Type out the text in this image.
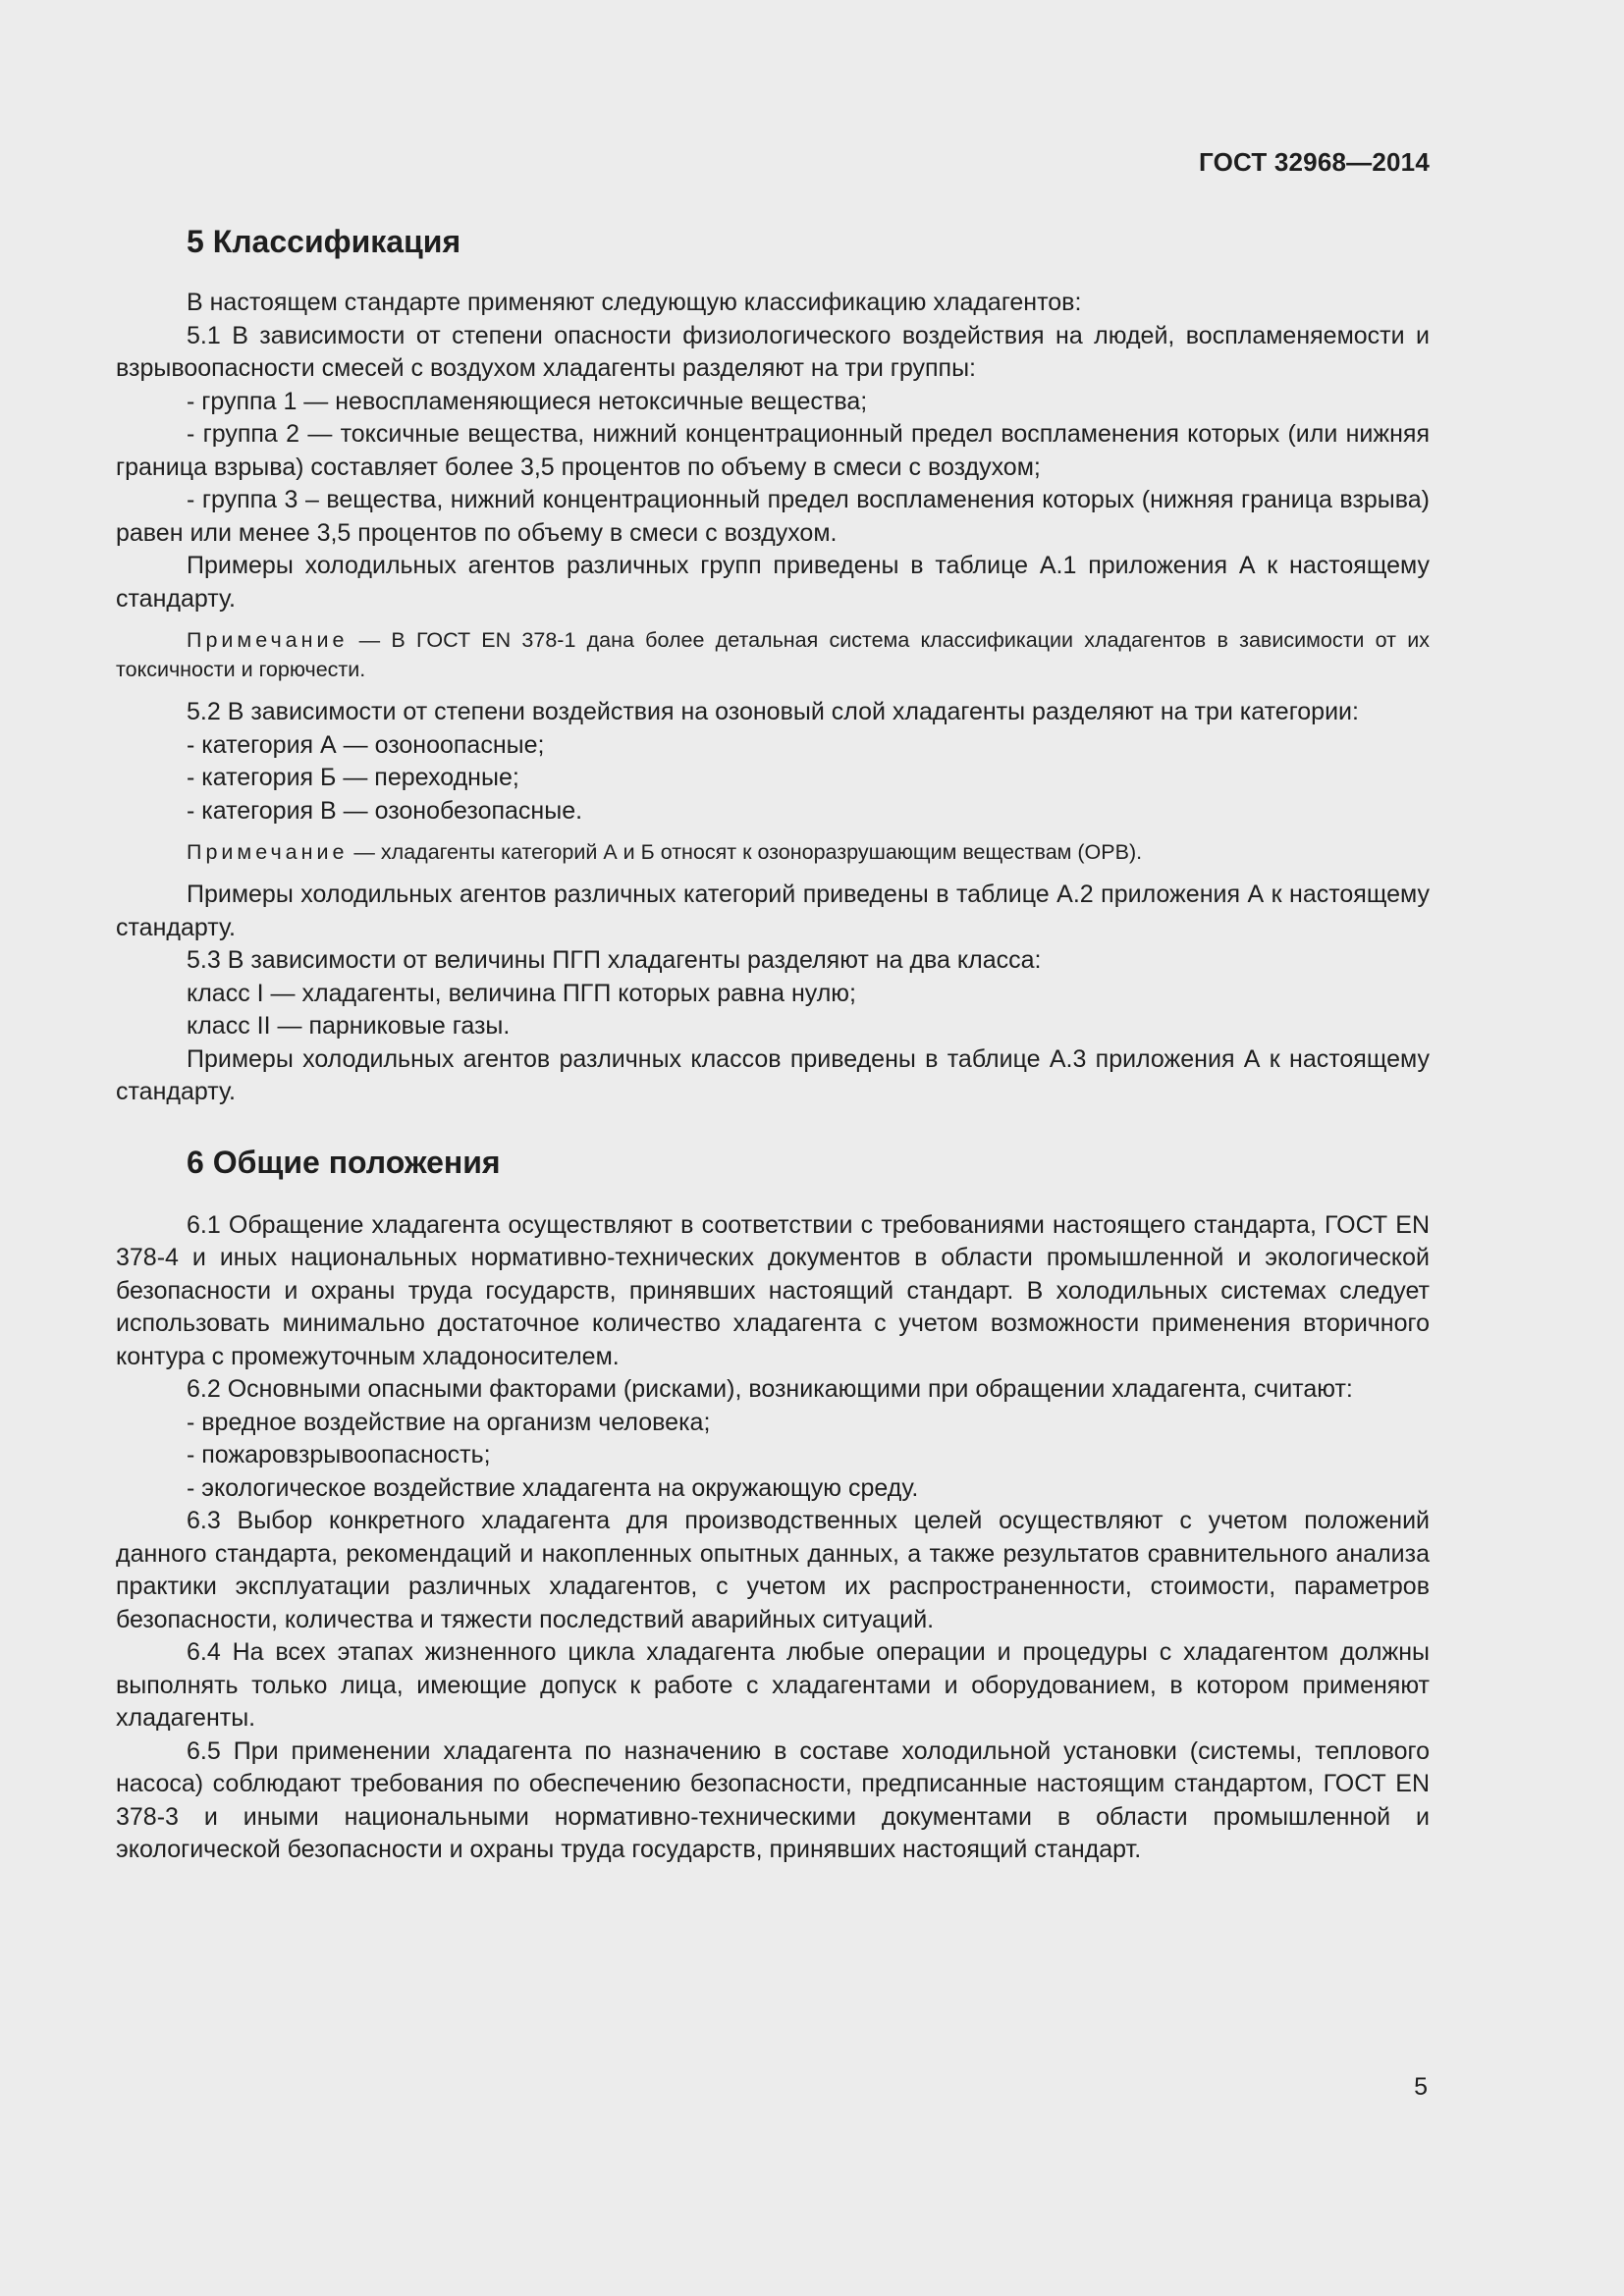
ГОСТ 32968—2014
5 Классификация

В настоящем стандарте применяют следующую классификацию хладагентов:

5.1 В зависимости от степени опасности физиологического воздействия на людей, воспламеняемости и взрывоопасности смесей с воздухом хладагенты разделяют на три группы:

- группа 1 — невоспламеняющиеся нетоксичные вещества;

- группа 2 — токсичные вещества, нижний концентрационный предел воспламенения которых (или нижняя граница взрыва) составляет более 3,5 процентов по объему в смеси с воздухом;

- группа 3 – вещества, нижний концентрационный предел воспламенения которых (нижняя граница взрыва) равен или менее 3,5 процентов по объему в смеси с воздухом.

Примеры холодильных агентов различных групп приведены в таблице А.1 приложения А к настоящему стандарту.

Примечание — В ГОСТ EN 378-1 дана более детальная система классификации хладагентов в зависимости от их токсичности и горючести.

5.2 В зависимости от степени воздействия на озоновый слой хладагенты разделяют на три категории:

- категория А — озоноопасные;

- категория Б — переходные;

- категория В — озонобезопасные.

Примечание — хладагенты категорий А и Б относят к озоноразрушающим веществам (ОРВ).

Примеры холодильных агентов различных категорий приведены в таблице А.2 приложения А к настоящему стандарту.

5.3 В зависимости от величины ПГП хладагенты разделяют на два класса:

класс I — хладагенты, величина ПГП которых равна нулю;

класс II — парниковые газы.

Примеры холодильных агентов различных классов приведены в таблице А.3 приложения А к настоящему стандарту.

6 Общие положения

6.1 Обращение хладагента осуществляют в соответствии с требованиями настоящего стандарта, ГОСТ EN 378-4 и иных национальных нормативно-технических документов в области промышленной и экологической безопасности и охраны труда государств, принявших настоящий стандарт. В холодильных системах следует использовать минимально достаточное количество хладагента с учетом возможности применения вторичного контура с промежуточным хладоносителем.

6.2 Основными опасными факторами (рисками), возникающими при обращении хладагента, считают:

- вредное воздействие на организм человека;

- пожаровзрывоопасность;

- экологическое воздействие хладагента на окружающую среду.

6.3 Выбор конкретного хладагента для производственных целей осуществляют с учетом положений данного стандарта, рекомендаций и накопленных опытных данных, а также результатов сравнительного анализа практики эксплуатации различных хладагентов, с учетом их распространенности, стоимости, параметров безопасности, количества и тяжести последствий аварийных ситуаций.

6.4 На всех этапах жизненного цикла хладагента любые операции и процедуры с хладагентом должны выполнять только лица, имеющие допуск к работе с хладагентами и оборудованием, в котором применяют хладагенты.

6.5 При применении хладагента по назначению в составе холодильной установки (системы, теплового насоса) соблюдают требования по обеспечению безопасности, предписанные настоящим стандартом, ГОСТ EN 378-3 и иными национальными нормативно-техническими документами в области промышленной и экологической безопасности и охраны труда государств, принявших настоящий стандарт.

5
